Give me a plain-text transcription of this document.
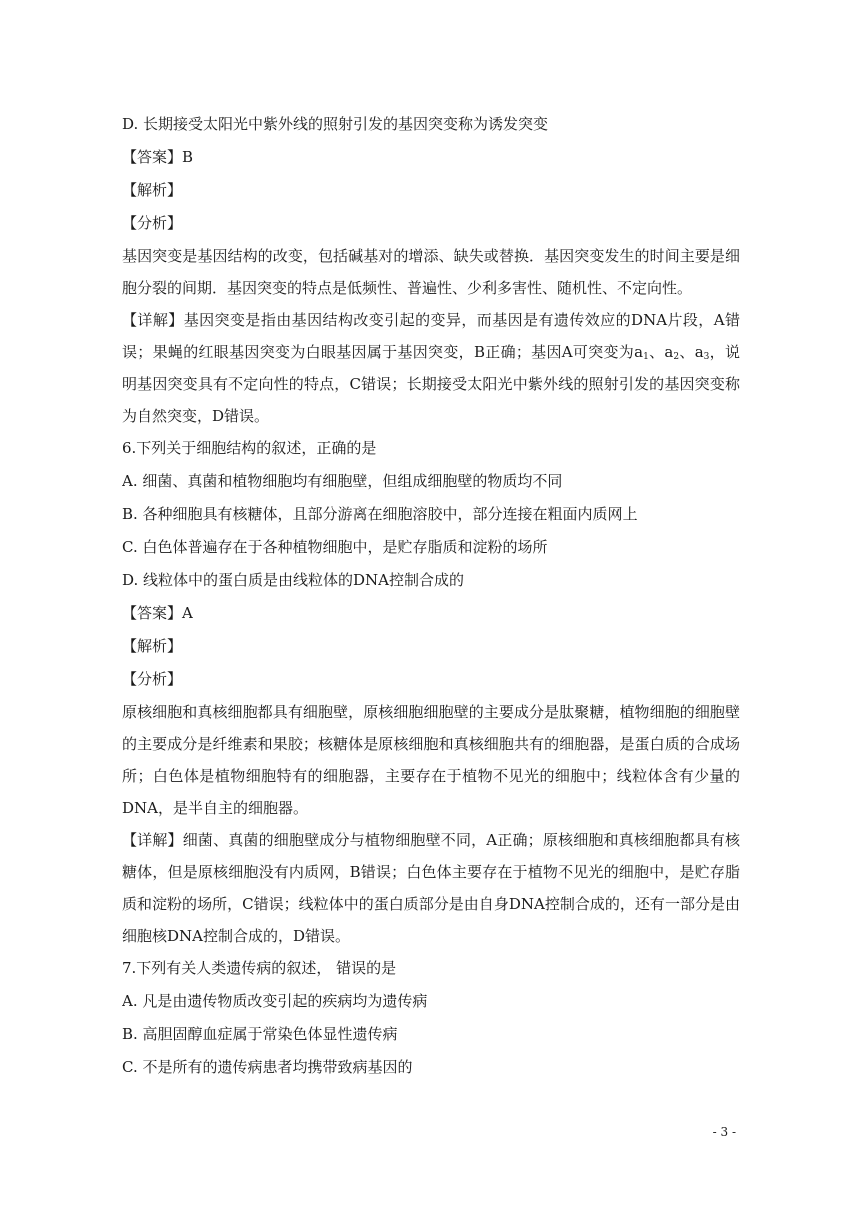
D. 长期接受太阳光中紫外线的照射引发的基因突变称为诱发突变
【答案】B
【解析】
【分析】

基因突变是基因结构的改变，包括碱基对的增添、缺失或替换．基因突变发生的时间主要是细胞分裂的间期．基因突变的特点是低频性、普遍性、少利多害性、随机性、不定向性。

【详解】基因突变是指由基因结构改变引起的变异，而基因是有遗传效应的DNA片段，A错误；果蝇的红眼基因突变为白眼基因属于基因突变，B正确；基因A可突变为$a_1$、$a_2$、$a_3$，说明基因突变具有不定向性的特点，C错误；长期接受太阳光中紫外线的照射引发的基因突变称为自然突变，D错误。

6.下列关于细胞结构的叙述，正确的是
A. 细菌、真菌和植物细胞均有细胞壁，但组成细胞壁的物质均不同
B. 各种细胞具有核糖体，且部分游离在细胞溶胶中，部分连接在粗面内质网上
C. 白色体普遍存在于各种植物细胞中，是贮存脂质和淀粉的场所
D. 线粒体中的蛋白质是由线粒体的DNA控制合成的
【答案】A
【解析】
【分析】

原核细胞和真核细胞都具有细胞壁，原核细胞细胞壁的主要成分是肽聚糖，植物细胞的细胞壁的主要成分是纤维素和果胶；核糖体是原核细胞和真核细胞共有的细胞器，是蛋白质的合成场所；白色体是植物细胞特有的细胞器，主要存在于植物不见光的细胞中；线粒体含有少量的DNA，是半自主的细胞器。

【详解】细菌、真菌的细胞壁成分与植物细胞壁不同，A正确；原核细胞和真核细胞都具有核糖体，但是原核细胞没有内质网，B错误；白色体主要存在于植物不见光的细胞中，是贮存脂质和淀粉的场所，C错误；线粒体中的蛋白质部分是由自身DNA控制合成的，还有一部分是由细胞核DNA控制合成的，D错误。

7.下列有关人类遗传病的叙述， 错误的是
A. 凡是由遗传物质改变引起的疾病均为遗传病
B. 高胆固醇血症属于常染色体显性遗传病
C. 不是所有的遗传病患者均携带致病基因的
- 3 -
